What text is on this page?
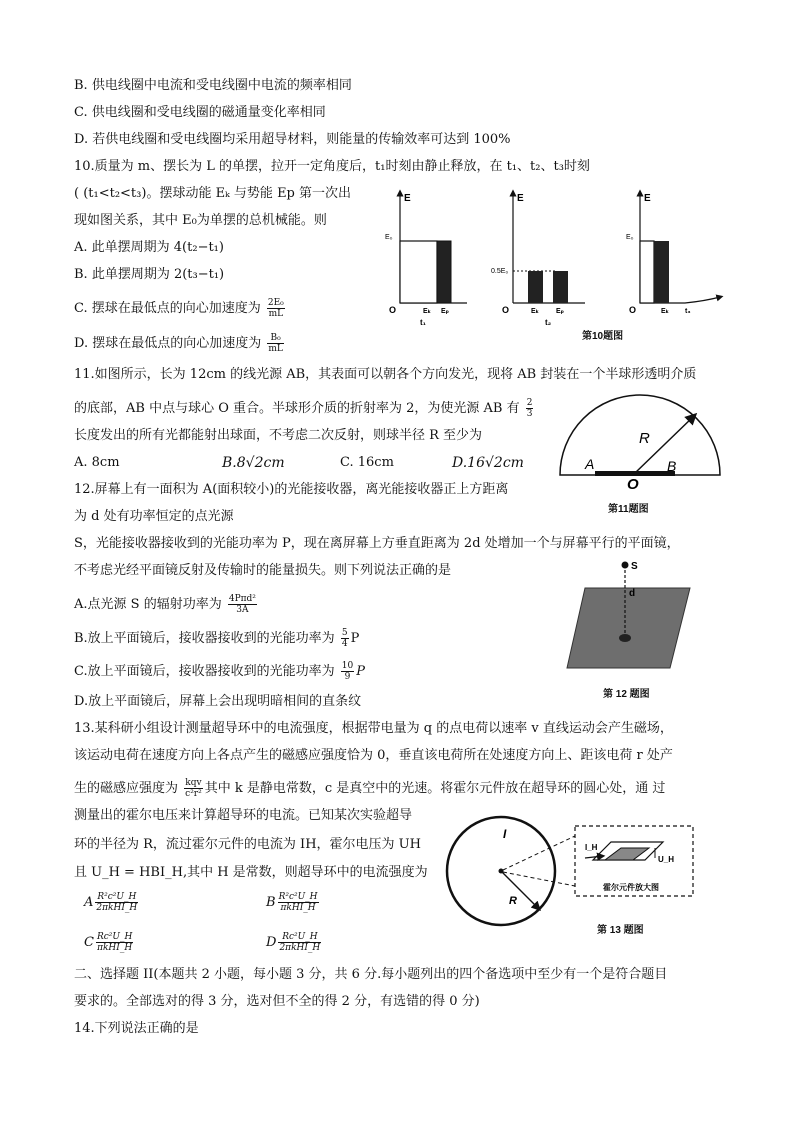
B. 供电线圈中电流和受电线圈中电流的频率相同
C. 供电线圈和受电线圈的磁通量变化率相同
D. 若供电线圈和受电线圈均采用超导材料，则能量的传输效率可达到 100%
10.质量为 m、摆长为 L 的单摆，拉开一定角度后，t₁时刻由静止释放，在 t₁、t₂、t₃时刻
( (t₁<t₂<t₃)。摆球动能 Eₖ 与势能 Ep 第一次出
现如图关系，其中 E₀为单摆的总机械能。则
A. 此单摆周期为 4(t₂−t₁)
B. 此单摆周期为 2(t₃−t₁)
C. 摆球在最低点的向心加速度为 $\frac{\text{2E₀}}{mL}$
D. 摆球在最低点的向心加速度为 $\frac{\text{B₀}}{mL}$
E
E₀
O	Eₖ Eₚ
t₁
E
0.5E₀
O	Eₖ Eₚ
t₂
E
E₀
O	Eₖ t₃
第10题图
11.如图所示，长为 12cm 的线光源 AB，其表面可以朝各个方向发光，现将 AB 封装在一个半球形透明介质
的底部，AB 中点与球心 O 重合。半球形介质的折射率为 2，为使光源 AB 有 $\frac{2}{3}$
长度发出的所有光都能射出球面，不考虑二次反射，则球半径 R 至少为
A. 8cm	B.8√2cm	C. 16cm	D.16√2cm
R
A	B
O
第11题图
12.屏幕上有一面积为 A(面积较小)的光能接收器，离光能接收器正上方距离
为 d 处有功率恒定的点光源
S，光能接收器接收到的光能功率为 P，现在离屏幕上方垂直距离为 2d 处增加一个与屏幕平行的平面镜，
不考虑光经平面镜反射及传输时的能量损失。则下列说法正确的是
A.点光源 S 的辐射功率为 $\frac{\text{4Pπd²}}{3A}$
B.放上平面镜后，接收器接收到的光能功率为 $\frac{5}{4}$ P
C.放上平面镜后，接收器接收到的光能功率为 $\frac{10}{9}$ P
D.放上平面镜后，屏幕上会出现明暗相间的直条纹
S
d
第 12 题图
13.某科研小组设计测量超导环中的电流强度，根据带电量为 q 的点电荷以速率 v 直线运动会产生磁场，
该运动电荷在速度方向上各点产生的磁感应强度恰为 0，垂直该电荷所在处速度方向上、距该电荷 r 处产
生的磁感应强度为 $\frac{\text{kqv}}{\text{c²r²}}$ 其中 k 是静电常数，c 是真空中的光速。将霍尔元件放在超导环的圆心处，通 过
测量出的霍尔电压来计算超导环的电流。已知某次实验超导
环的半径为 R，流过霍尔元件的电流为 IH，霍尔电压为 UH
且 U_H = HBI_H,其中 H 是常数，则超导环中的电流强度为
A $\frac{\text{R²c²U\_H}}{\text{2πkHI\_H}}$	B $\frac{\text{R²c²U\_H}}{\text{πkHI\_H}}$
C $\frac{\text{Rc²U\_H}}{\text{πkHI\_H}}$	D $\frac{\text{Rc²U\_H}}{\text{2πkHI\_H}}$
I
R
I_H
U_H
霍尔元件放大图
第 13 题图
二、选择题 II(本题共 2 小题，每小题 3 分，共 6 分.每小题列出的四个备选项中至少有一个是符合题目
要求的。全部选对的得 3 分，选对但不全的得 2 分，有选错的得 0 分)
14.下列说法正确的是
